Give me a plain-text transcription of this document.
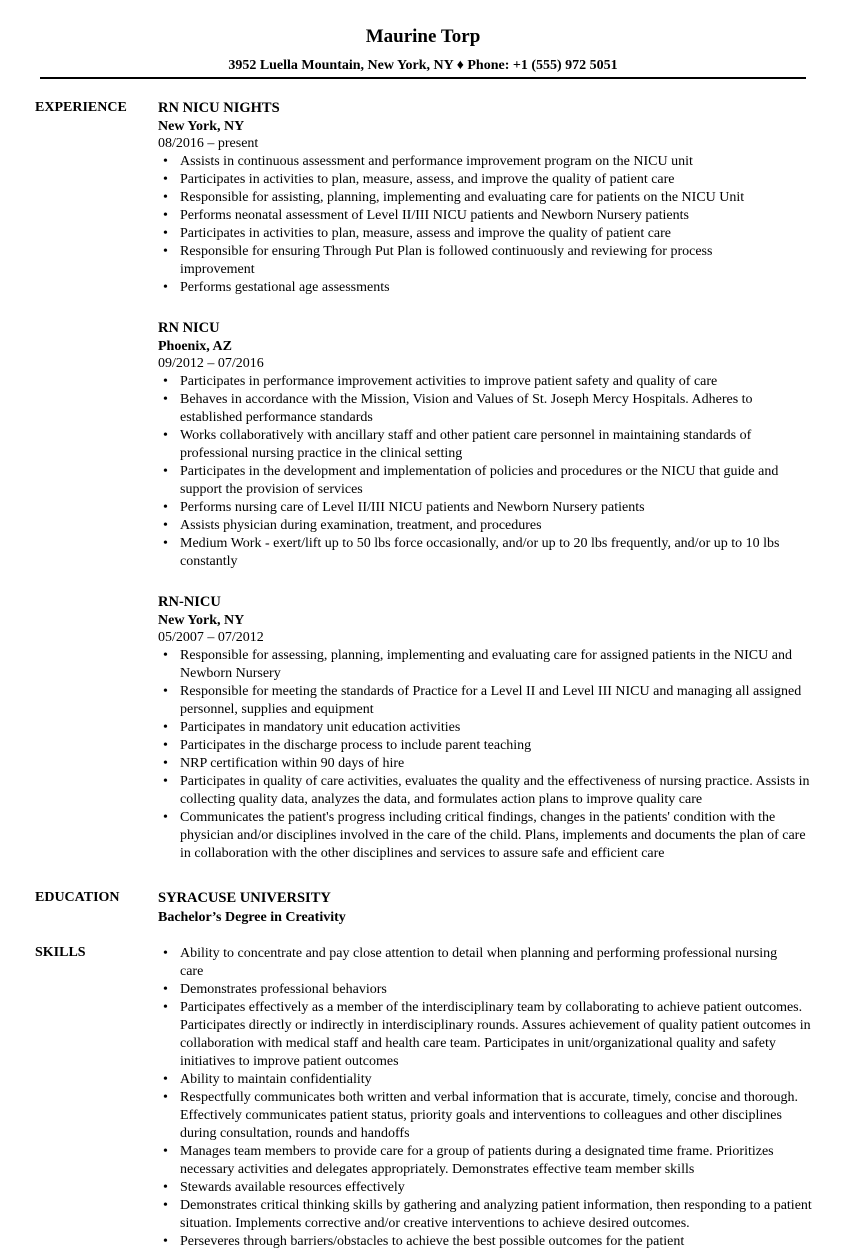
Maurine Torp
3952 Luella Mountain, New York, NY ♦ Phone: +1 (555) 972 5051
EXPERIENCE RN NICU NIGHTS
New York, NY
08/2016 – present
• Assists in continuous assessment and performance improvement program on the NICU unit
• Participates in activities to plan, measure, assess, and improve the quality of patient care
• Responsible for assisting, planning, implementing and evaluating care for patients on the NICU Unit
• Performs neonatal assessment of Level II/III NICU patients and Newborn Nursery patients
• Participates in activities to plan, measure, assess and improve the quality of patient care
• Responsible for ensuring Through Put Plan is followed continuously and reviewing for process improvement
• Performs gestational age assessments
RN NICU
Phoenix, AZ
09/2012 – 07/2016
• Participates in performance improvement activities to improve patient safety and quality of care
• Behaves in accordance with the Mission, Vision and Values of St. Joseph Mercy Hospitals. Adheres to established performance standards
• Works collaboratively with ancillary staff and other patient care personnel in maintaining standards of professional nursing practice in the clinical setting
• Participates in the development and implementation of policies and procedures or the NICU that guide and support the provision of services
• Performs nursing care of Level II/III NICU patients and Newborn Nursery patients
• Assists physician during examination, treatment, and procedures
• Medium Work - exert/lift up to 50 lbs force occasionally, and/or up to 20 lbs frequently, and/or up to 10 lbs constantly
RN-NICU
New York, NY
05/2007 – 07/2012
• Responsible for assessing, planning, implementing and evaluating care for assigned patients in the NICU and Newborn Nursery
• Responsible for meeting the standards of Practice for a Level II and Level III NICU and managing all assigned personnel, supplies and equipment
• Participates in mandatory unit education activities
• Participates in the discharge process to include parent teaching
• NRP certification within 90 days of hire
• Participates in quality of care activities, evaluates the quality and the effectiveness of nursing practice. Assists in collecting quality data, analyzes the data, and formulates action plans to improve quality care
• Communicates the patient's progress including critical findings, changes in the patients' condition with the physician and/or disciplines involved in the care of the child. Plans, implements and documents the plan of care in collaboration with the other disciplines and services to assure safe and efficient care
EDUCATION	SYRACUSE UNIVERSITY
Bachelor’s Degree in Creativity
SKILLS
•	Ability to concentrate and pay close attention to detail when planning and performing professional nursing care
• Demonstrates professional behaviors
• Participates effectively as a member of the interdisciplinary team by collaborating to achieve patient outcomes. Participates directly or indirectly in interdisciplinary rounds. Assures achievement of quality patient outcomes in collaboration with medical staff and health care team. Participates in unit/organizational quality and safety initiatives to improve patient outcomes
• Ability to maintain confidentiality
• Respectfully communicates both written and verbal information that is accurate, timely, concise and thorough. Effectively communicates patient status, priority goals and interventions to colleagues and other disciplines during consultation, rounds and handoffs
• Manages team members to provide care for a group of patients during a designated time frame. Prioritizes necessary activities and delegates appropriately. Demonstrates effective team member skills
• Stewards available resources effectively
• Demonstrates critical thinking skills by gathering and analyzing patient information, then responding to a patient situation. Implements corrective and/or creative interventions to achieve desired outcomes.
• Perseveres through barriers/obstacles to achieve the best possible outcomes for the patient
